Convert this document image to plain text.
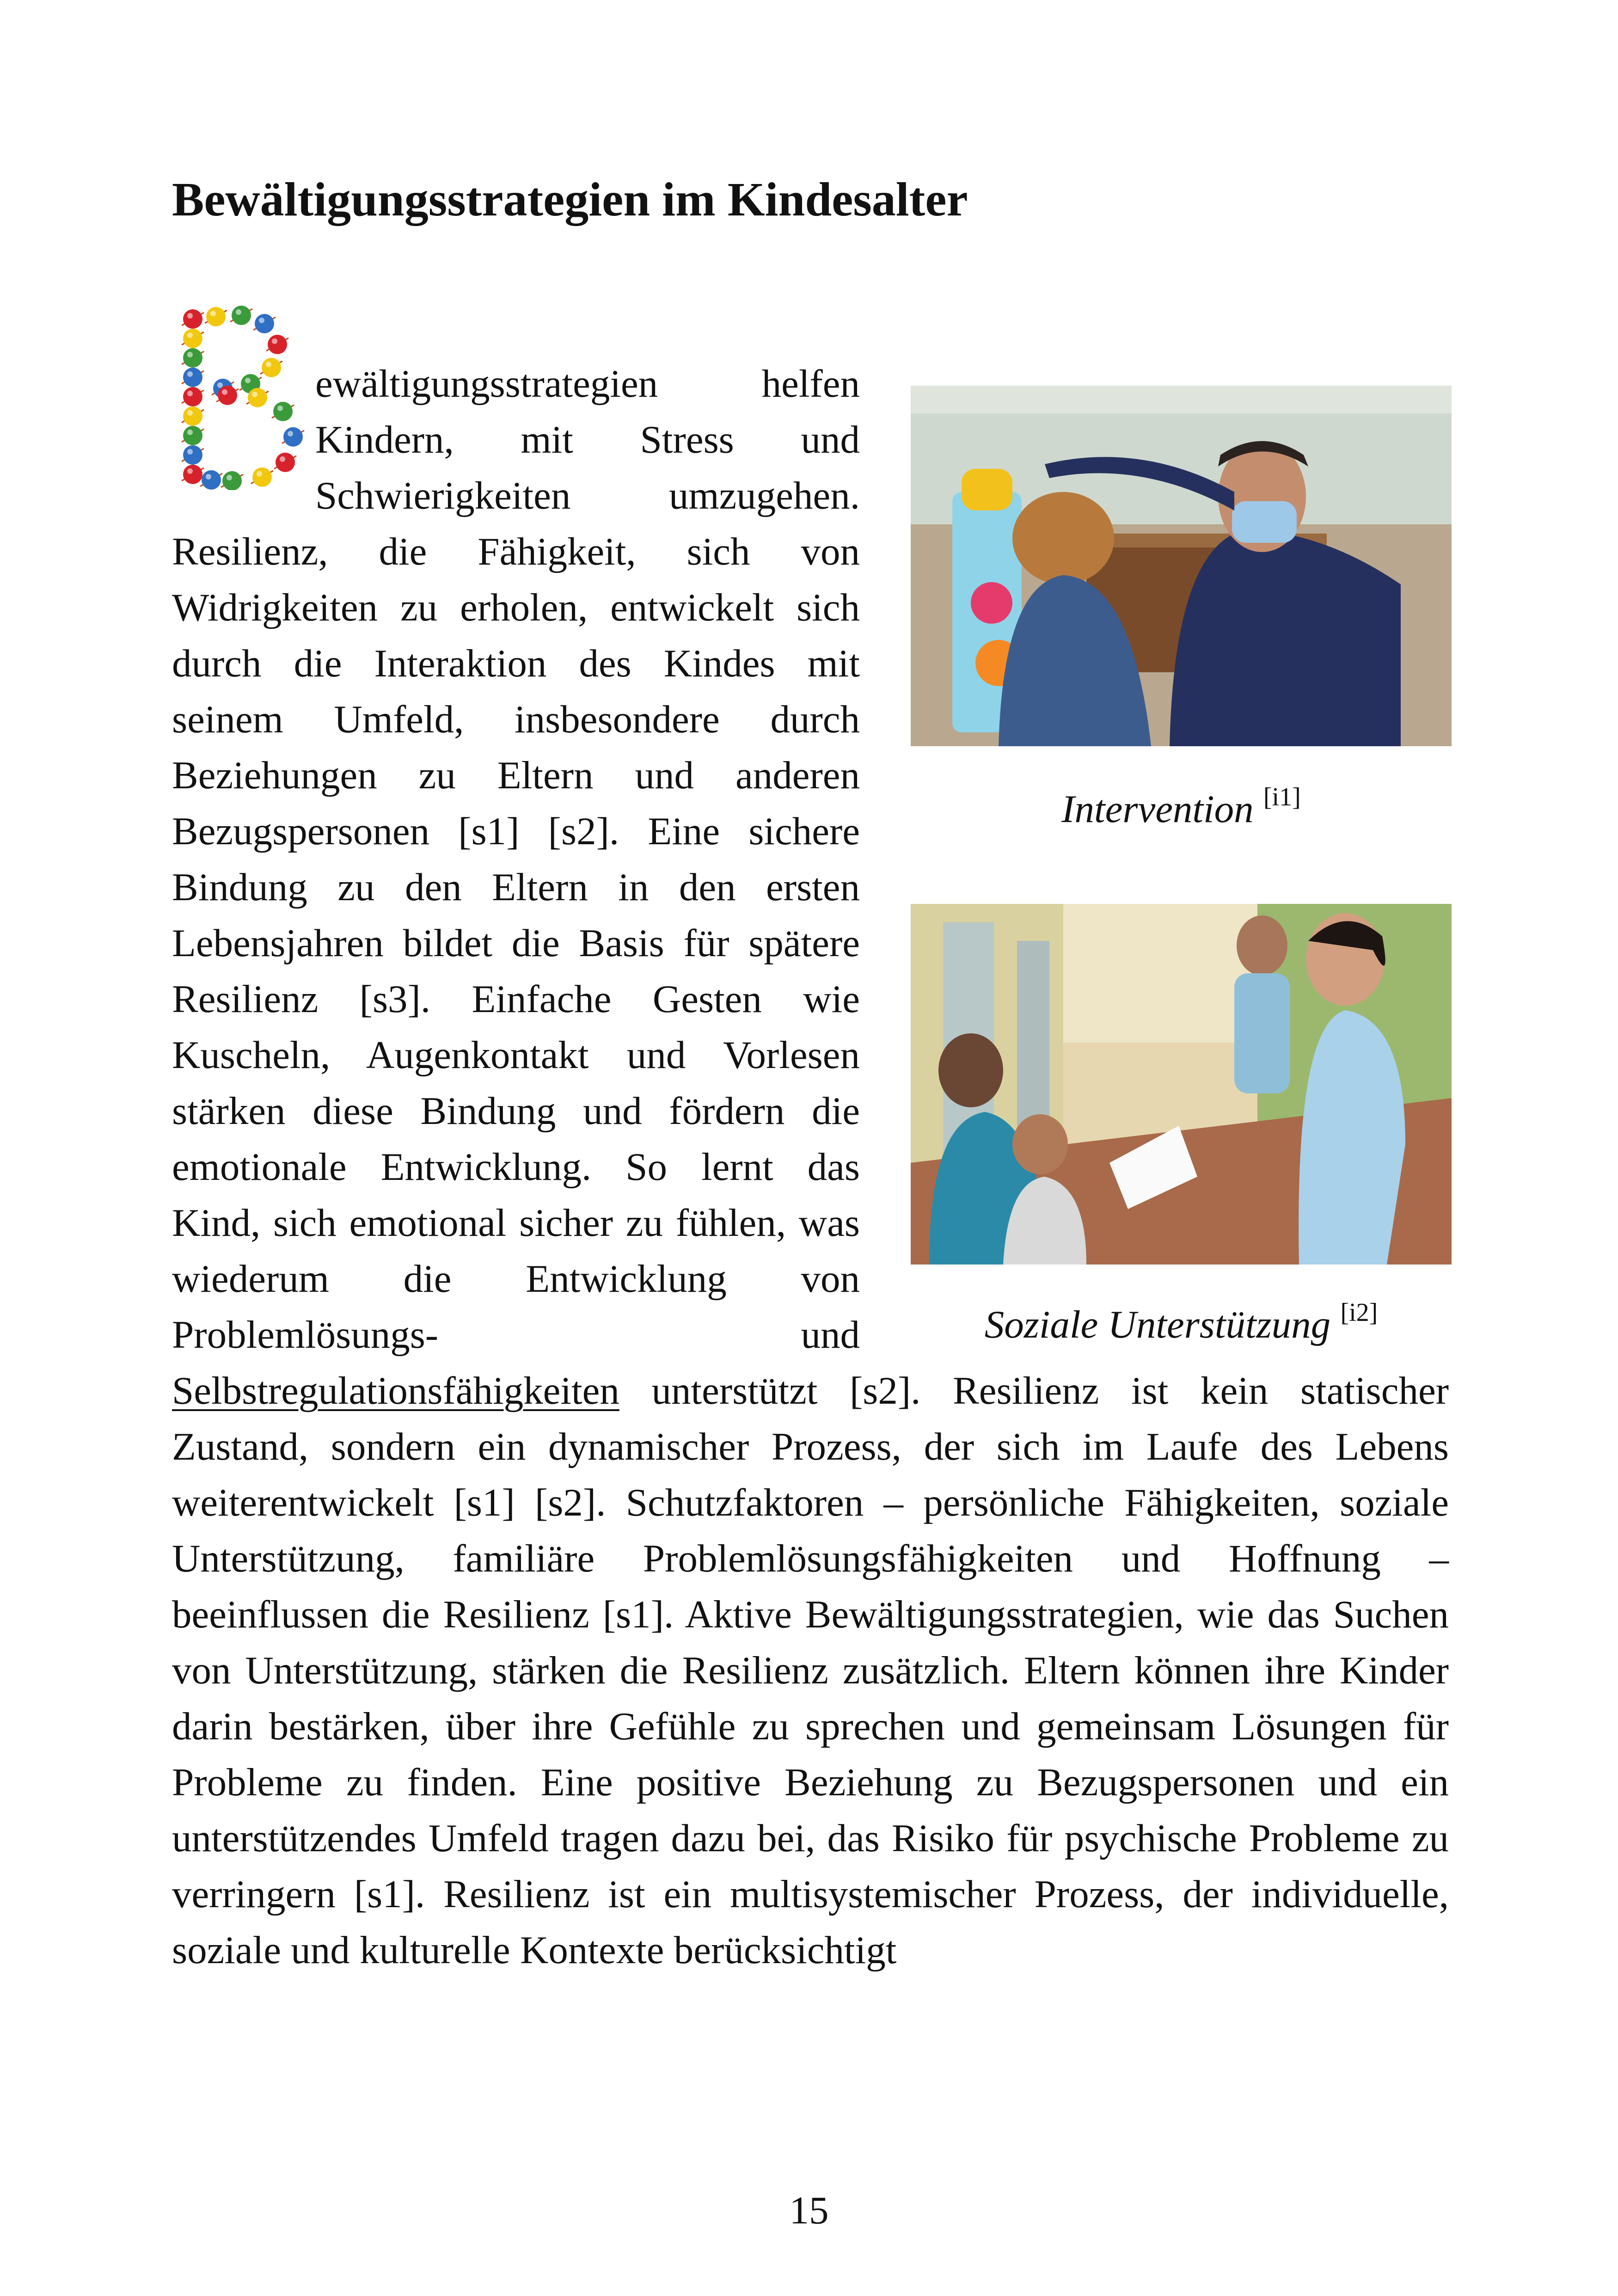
Bewältigungsstrategien im Kindesalter
Intervention [i1]
Soziale Unterstützung [i2]
ewältigungsstrategien helfen Kindern, mit Stress und Schwierigkeiten umzugehen. Resilienz, die Fähigkeit, sich von Widrigkeiten zu erholen, entwickelt sich durch die Interaktion des Kindes mit seinem Umfeld, insbesondere durch Beziehungen zu Eltern und anderen Bezugspersonen [s1] [s2]. Eine sichere Bindung zu den Eltern in den ersten Lebensjahren bildet die Basis für spätere Resilienz [s3]. Einfache Gesten wie Kuscheln, Augenkontakt und Vorlesen stärken diese Bindung und fördern die emotionale Entwicklung. So lernt das Kind, sich emotional sicher zu fühlen, was wiederum die Entwicklung von Problemlösungs- und Selbstregulationsfähigkeiten unterstützt [s2]. Resilienz ist kein statischer Zustand, sondern ein dynamischer Prozess, der sich im Laufe des Lebens weiterentwickelt [s1] [s2]. Schutzfaktoren – persönliche Fähigkeiten, soziale Unterstützung, familiäre Problemlösungsfähigkeiten und Hoffnung – beeinflussen die Resilienz [s1]. Aktive Bewältigungsstrategien, wie das Suchen von Unterstützung, stärken die Resilienz zusätzlich. Eltern können ihre Kinder darin bestärken, über ihre Gefühle zu sprechen und gemeinsam Lösungen für Probleme zu finden. Eine positive Beziehung zu Bezugspersonen und ein unterstützendes Umfeld tragen dazu bei, das Risiko für psychische Probleme zu verringern [s1]. Resilienz ist ein multisystemischer Prozess, der individuelle, soziale und kulturelle Kontexte berücksichtigt
15
